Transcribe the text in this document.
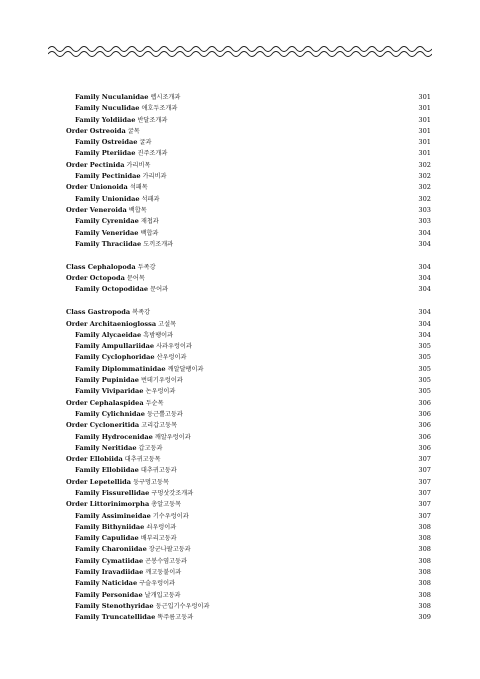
Family Nuculanidae 렙시조개과	301
Family Nuculidae 애호두조개과	301
Family Yoldiidae 반달조개과	301
Order Ostreoida 굴목	301
Family Ostreidae 굴과	301
Family Pteriidae 진주조개과	301
Order Pectinida 가리비목	302
Family Pectinidae 가리비과	302
Order Unionoida 석패목	302
Family Unionidae 석패과	302
Order Veneroida 백합목	303
Family Cyrenidae 재첩과	303
Family Veneridae 백합과	304
Family Thraciidae 도끼조개과	304
Class Cephalopoda 두족강	304
Order Octopoda 문어목	304
Family Octopodidae 문어과	304
Class Gastropoda 복족강	304
Order Architaenioglossa 고설목	304
Family Alycaeidae 흑밤팽이과	304
Family Ampullariidae 사과우렁이과	305
Family Cyclophoridae 산우렁이과	305
Family Diplommatinidae 깨알달팽이과	305
Family Pupinidae 번데기우렁이과	305
Family Viviparidae 논우렁이과	305
Order Cephalaspidea 두순목	306
Family Cylichnidae 둥근뿔고둥과	306
Order Cycloneritida 고리갑고둥목	306
Family Hydrocenidae 깨알우렁이과	306
Family Neritidae 갑고둥과	306
Order Ellobiida 대추귀고둥목	307
Family Ellobiidae 대추귀고둥과	307
Order Lepetellida 둥구멍고둥목	307
Family Fissurellidae 구멍삿갓조개과	307
Order Littorinimorpha 총알고둥목	307
Family Assimineidae 기수우렁이과	307
Family Bithyniidae 쇠우렁이과	308
Family Capulidae 배부리고둥과	308
Family Charoniidae 장군나팔고둥과	308
Family Cymatiidae 곤봉수염고둥과	308
Family Iravadiidae 깨고둥붙이과	308
Family Naticidae 구슬우렁이과	308
Family Personidae 날개입고둥과	308
Family Stenothyridae 둥근입기수우렁이과	308
Family Truncatellidae 똑주름고둥과	309
